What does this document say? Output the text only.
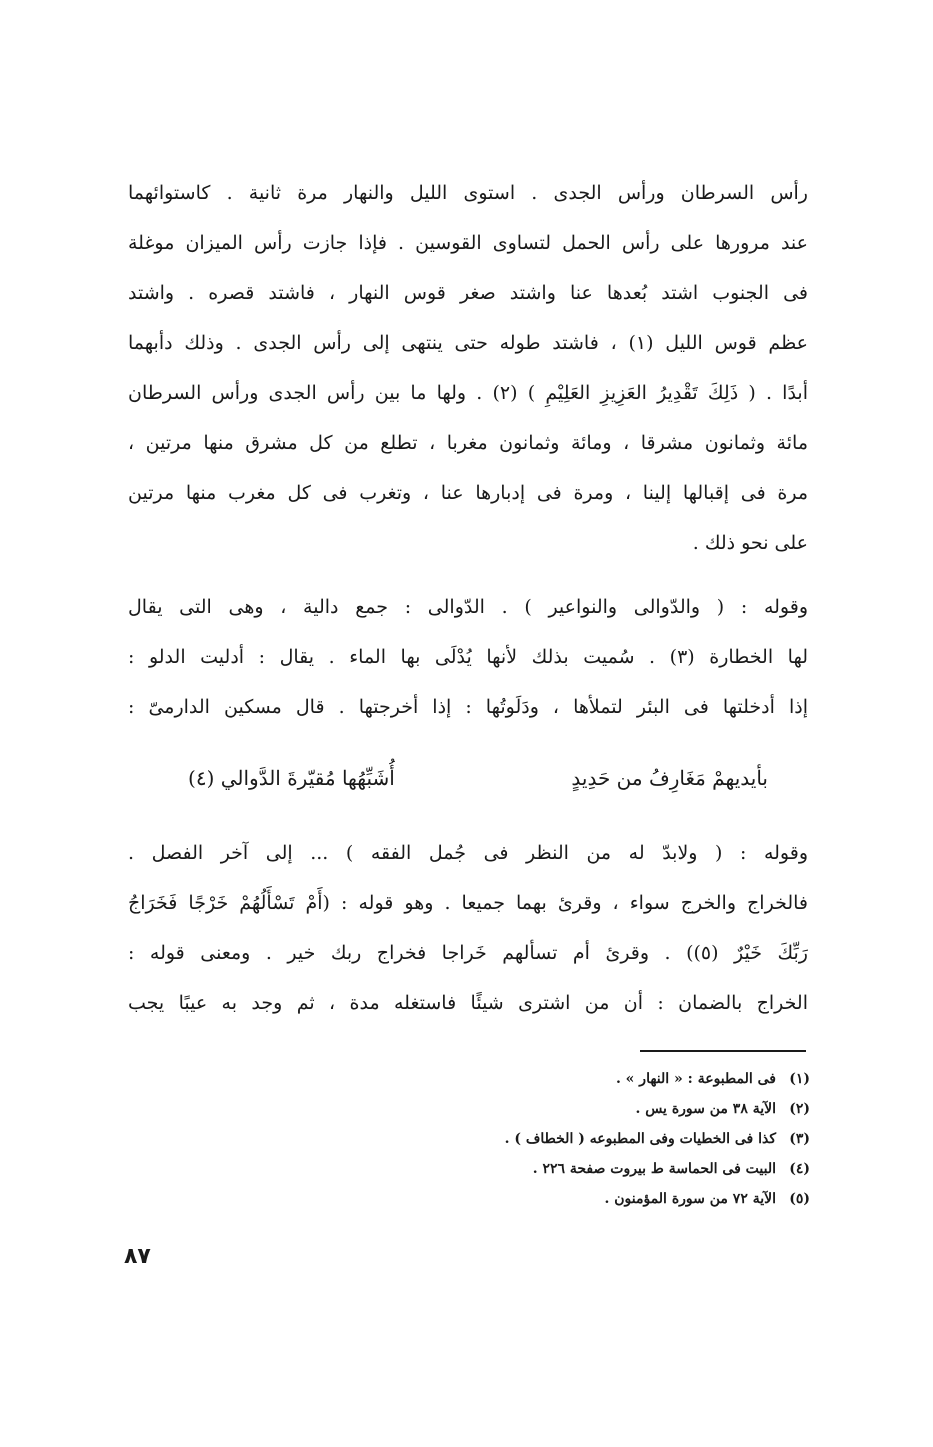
رأس السرطان ورأس الجدى . استوى الليل والنهار مرة ثانية . كاستوائهما
عند مرورها على رأس الحمل لتساوى القوسين . فإذا جازت رأس الميزان موغلة
فى الجنوب اشتد بُعدها عنا واشتد صغر قوس النهار ، فاشتد قصره . واشتد
عظم قوس الليل (١) ، فاشتد طوله حتى ينتهى إلى رأس الجدى . وذلك دأبهما
أبدًا . ( ذَلِكَ تَقْدِيرُ العَزِيزِ العَلِيْمِ ) (٢) . ولها ما بين رأس الجدى ورأس السرطان
مائة وثمانون مشرقا ، ومائة وثمانون مغربا ، تطلع من كل مشرق منها مرتين ،
مرة فى إقبالها إلينا ، ومرة فى إدبارها عنا ، وتغرب فى كل مغرب منها مرتين
على نحو ذلك .
وقوله : ( والدّوالى والنواعير ) . الدّوالى : جمع دالية ، وهى التى يقال
لها الخطارة (٣) . سُميت بذلك لأنها يُدْلَى بها الماء . يقال : أدليت الدلو :
إذا أدخلتها فى البئر لتملأها ، ودَلَوتُها : إذا أخرجتها . قال مسكين الدارمىّ :
بأيديهمْ مَغَارِفُ من حَدِيدٍ
أُشَبِّهُها مُقيّرةَ الدَّوالي (٤)
وقوله : ( ولابدّ له من النظر فى جُمل الفقه ) ... إلى آخر الفصل .
فالخراج والخرج سواء ، وقرئ بهما جميعا . وهو قوله : (أَمْ تَسْأَلُهُمْ خَرْجًا فَخَرَاجُ
رَبِّكَ خَيْرٌ (٥)) . وقرئ أم تسألهم خَراجا فخراج ربك خير . ومعنى قوله :
الخراج بالضمان : أن من اشترى شيئًا فاستغله مدة ، ثم وجد به عيبًا يجب
(١)
فى المطبوعة : « النهار » .
(٢)
الآية ٣٨ من سورة يس .
(٣)
كذا فى الخطيات وفى المطبوعه ( الخطاف ) .
(٤)
البيت فى الحماسة ط بيروت صفحة ٢٢٦ .
(٥)
الآية ٧٢ من سورة المؤمنون .
٨٧
